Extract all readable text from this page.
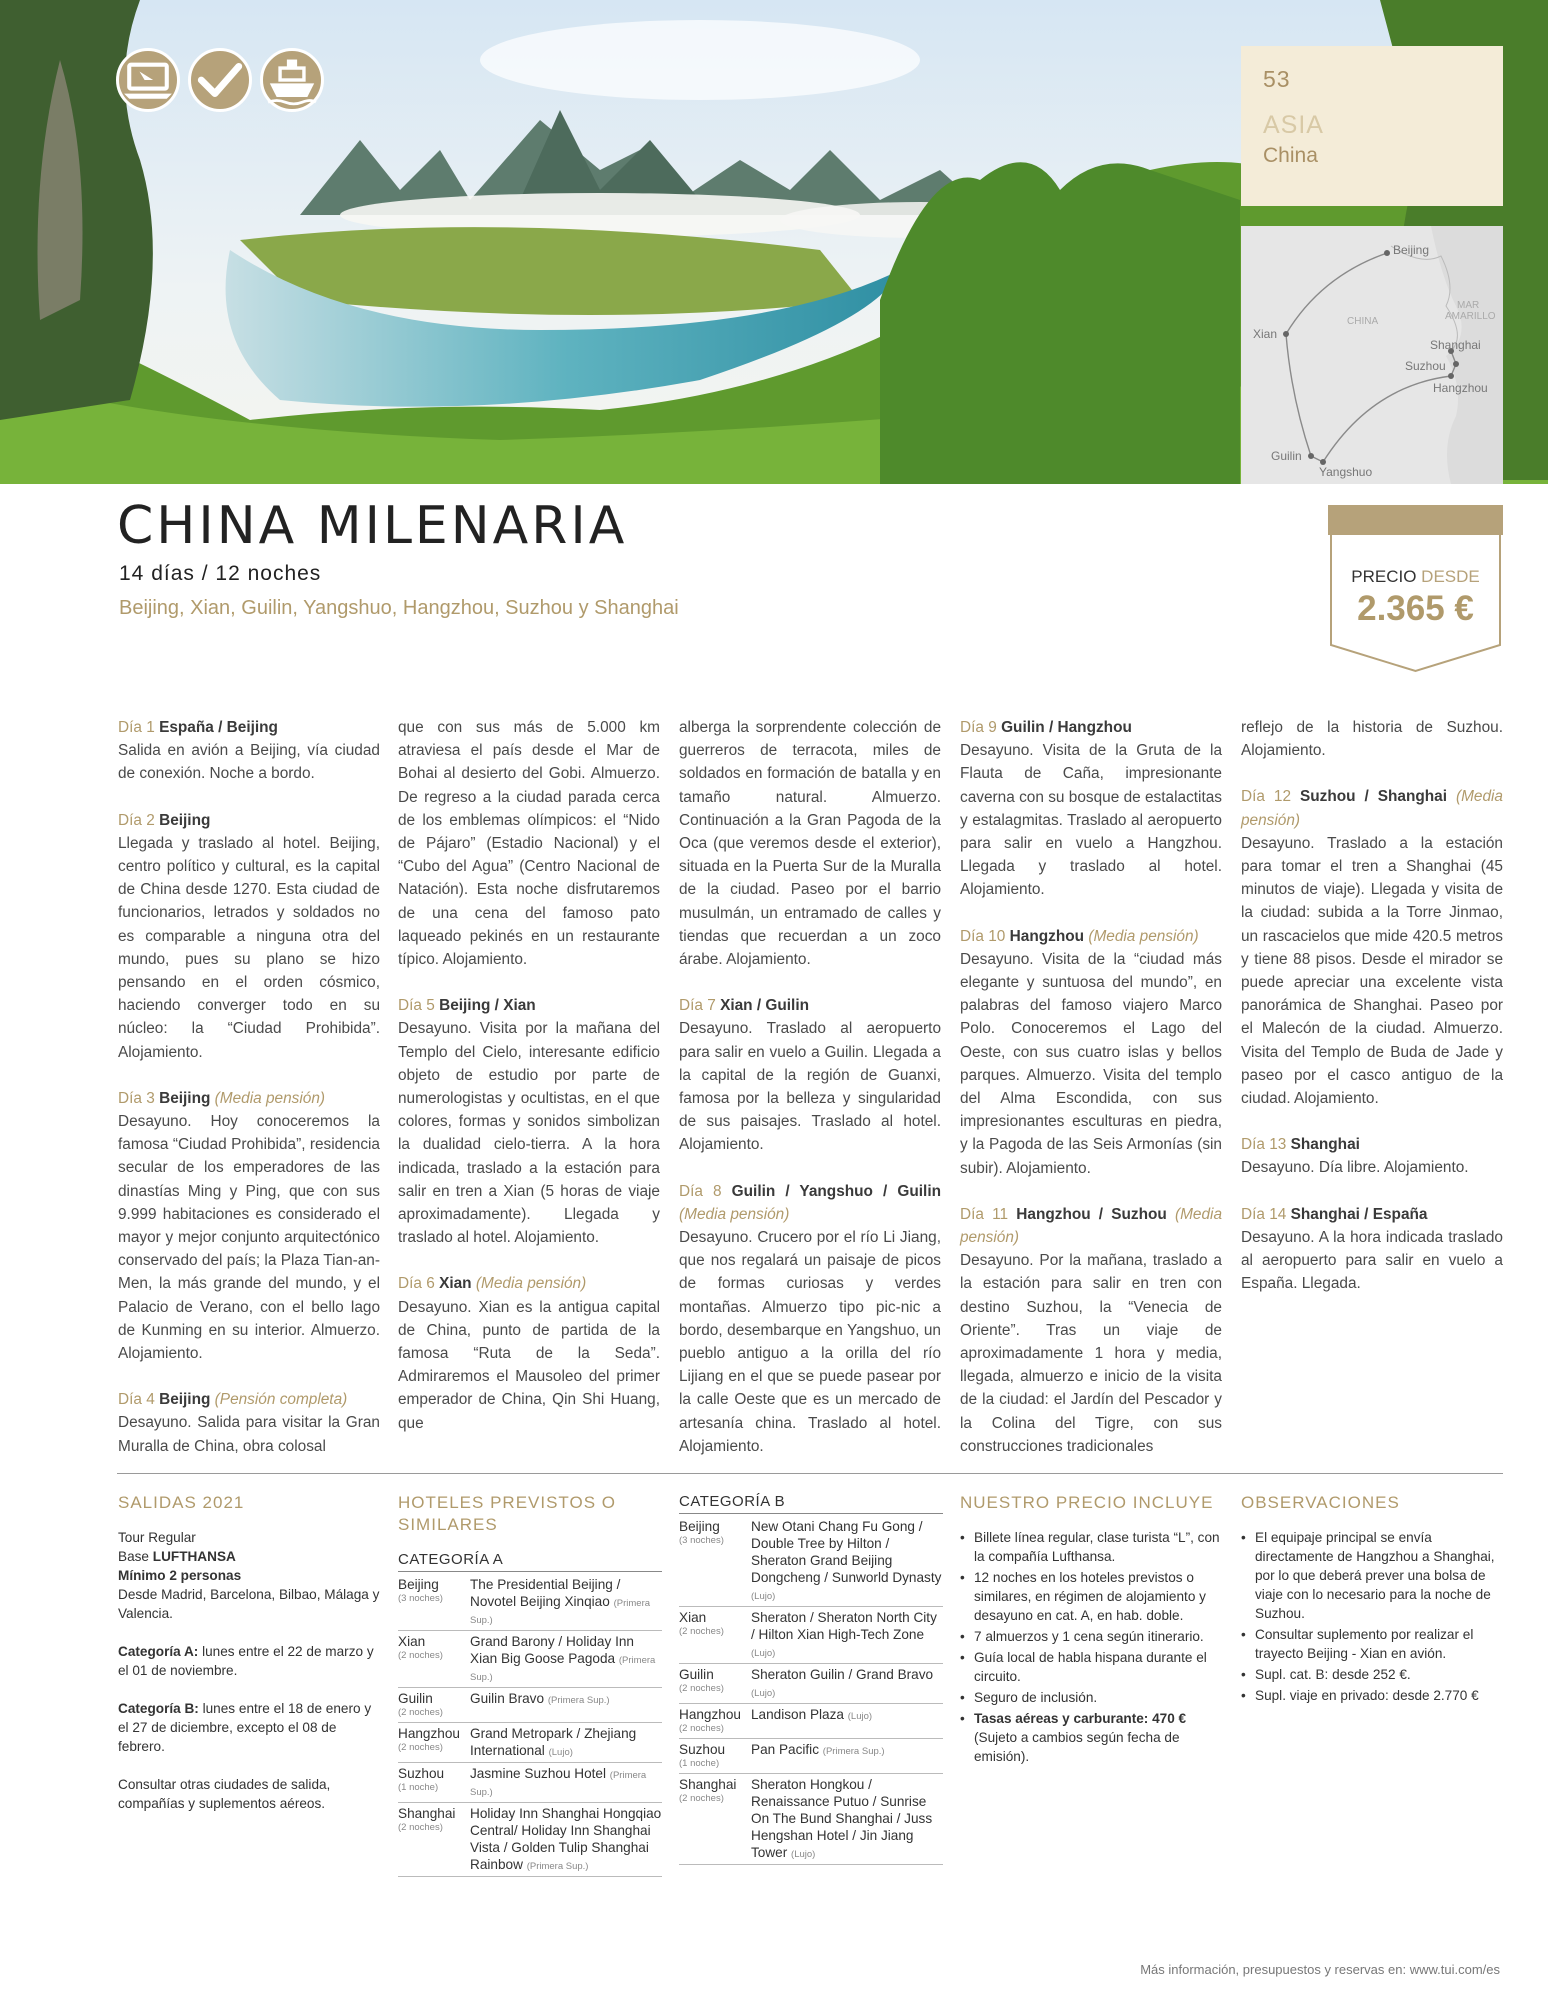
53
ASIA
China
Beijing
Xian
Shanghai
Suzhou
Hangzhou
Guilin
Yangshuo
CHINA
MAR
AMARILLO
CHINA MILENARIA
14 días / 12 noches
Beijing, Xian, Guilin, Yangshuo, Hangzhou, Suzhou y Shanghai
PRECIO DESDE
2.365 €
Día 1 España / Beijing
Salida en avión a Beijing, vía ciudad de conexión. Noche a bordo.
Día 2 Beijing
Llegada y traslado al hotel. Beijing, centro político y cultural, es la capital de China desde 1270. Esta ciudad de funcionarios, letrados y soldados no es comparable a ninguna otra del mundo, pues su plano se hizo pensando en el orden cósmico, haciendo converger todo en su núcleo: la “Ciudad Prohibida”. Alojamiento.
Día 3 Beijing (Media pensión)
Desayuno. Hoy conoceremos la famosa “Ciudad Prohibida”, residencia secular de los emperadores de las dinastías Ming y Ping, que con sus 9.999 habitaciones es considerado el mayor y mejor conjunto arquitectónico conservado del país; la Plaza Tian-an-Men, la más grande del mundo, y el Palacio de Verano, con el bello lago de Kunming en su interior. Almuerzo. Alojamiento.
Día 4 Beijing (Pensión completa)
Desayuno. Salida para visitar la Gran Muralla de China, obra colosal
que con sus más de 5.000 km atraviesa el país desde el Mar de Bohai al desierto del Gobi. Almuerzo. De regreso a la ciudad parada cerca de los emblemas olímpicos: el “Nido de Pájaro” (Estadio Nacional) y el “Cubo del Agua” (Centro Nacional de Natación). Esta noche disfrutaremos de una cena del famoso pato laqueado pekinés en un restaurante típico. Alojamiento.
Día 5 Beijing / Xian
Desayuno. Visita por la mañana del Templo del Cielo, interesante edificio objeto de estudio por parte de numerologistas y ocultistas, en el que colores, formas y sonidos simbolizan la dualidad cielo-tierra. A la hora indicada, traslado a la estación para salir en tren a Xian (5 horas de viaje aproximadamente). Llegada y traslado al hotel. Alojamiento.
Día 6 Xian (Media pensión)
Desayuno. Xian es la antigua capital de China, punto de partida de la famosa “Ruta de la Seda”. Admiraremos el Mausoleo del primer emperador de China, Qin Shi Huang, que
alberga la sorprendente colección de guerreros de terracota, miles de soldados en formación de batalla y en tamaño natural. Almuerzo. Continuación a la Gran Pagoda de la Oca (que veremos desde el exterior), situada en la Puerta Sur de la Muralla de la ciudad. Paseo por el barrio musulmán, un entramado de calles y tiendas que recuerdan a un zoco árabe. Alojamiento.
Día 7 Xian / Guilin
Desayuno. Traslado al aeropuerto para salir en vuelo a Guilin. Llegada a la capital de la región de Guanxi, famosa por la belleza y singularidad de sus paisajes. Traslado al hotel. Alojamiento.
Día 8 Guilin / Yangshuo / Guilin (Media pensión)
Desayuno. Crucero por el río Li Jiang, que nos regalará un paisaje de picos de formas curiosas y verdes montañas. Almuerzo tipo pic-nic a bordo, desembarque en Yangshuo, un pueblo antiguo a la orilla del río Lijiang en el que se puede pasear por la calle Oeste que es un mercado de artesanía china. Traslado al hotel. Alojamiento.
Día 9 Guilin / Hangzhou
Desayuno. Visita de la Gruta de la Flauta de Caña, impresionante caverna con su bosque de estalactitas y estalagmitas. Traslado al aeropuerto para salir en vuelo a Hangzhou. Llegada y traslado al hotel. Alojamiento.
Día 10 Hangzhou (Media pensión)
Desayuno. Visita de la “ciudad más elegante y suntuosa del mundo”, en palabras del famoso viajero Marco Polo. Conoceremos el Lago del Oeste, con sus cuatro islas y bellos parques. Almuerzo. Visita del templo del Alma Escondida, con sus impresionantes esculturas en piedra, y la Pagoda de las Seis Armonías (sin subir). Alojamiento.
Día 11 Hangzhou / Suzhou (Media pensión)
Desayuno. Por la mañana, traslado a la estación para salir en tren con destino Suzhou, la “Venecia de Oriente”. Tras un viaje de aproximadamente 1 hora y media, llegada, almuerzo e inicio de la visita de la ciudad: el Jardín del Pescador y la Colina del Tigre, con sus construcciones tradicionales
reflejo de la historia de Suzhou. Alojamiento.
Día 12 Suzhou / Shanghai (Media pensión)
Desayuno. Traslado a la estación para tomar el tren a Shanghai (45 minutos de viaje). Llegada y visita de la ciudad: subida a la Torre Jinmao, un rascacielos que mide 420.5 metros y tiene 88 pisos. Desde el mirador se puede apreciar una excelente vista panorámica de Shanghai. Paseo por el Malecón de la ciudad. Almuerzo. Visita del Templo de Buda de Jade y paseo por el casco antiguo de la ciudad. Alojamiento.
Día 13 Shanghai
Desayuno. Día libre. Alojamiento.
Día 14 Shanghai / España
Desayuno. A la hora indicada traslado al aeropuerto para salir en vuelo a España. Llegada.
SALIDAS 2021
Tour Regular
Base LUFTHANSA
Mínimo 2 personas

Desde Madrid, Barcelona, Bilbao, Málaga y Valencia.

Categoría A: lunes entre el 22 de marzo y el 01 de noviembre.

Categoría B: lunes entre el 18 de enero y el 27 de diciembre, excepto el 08 de febrero.

Consultar otras ciudades de salida, compañías y suplementos aéreos.

HOTELES PREVISTOS O SIMILARES
CATEGORÍA A
Beijing
(3 noches)
The Presidential Beijing / Novotel Beijing Xinqiao (Primera Sup.)
Xian
(2 noches)
Grand Barony / Holiday Inn Xian Big Goose Pagoda (Primera Sup.)
Guilin
(2 noches)
Guilin Bravo (Primera Sup.)
Hangzhou
(2 noches)
Grand Metropark / Zhejiang International (Lujo)
Suzhou
(1 noche)
Jasmine Suzhou Hotel (Primera Sup.)
Shanghai
(2 noches)
Holiday Inn Shanghai Hongqiao Central/ Holiday Inn Shanghai Vista / Golden Tulip Shanghai Rainbow (Primera Sup.)
CATEGORÍA B
Beijing
(3 noches)
New Otani Chang Fu Gong / Double Tree by Hilton / Sheraton Grand Beijing Dongcheng / Sunworld Dynasty (Lujo)
Xian
(2 noches)
Sheraton / Sheraton North City / Hilton Xian High-Tech Zone (Lujo)
Guilin
(2 noches)
Sheraton Guilin / Grand Bravo (Lujo)
Hangzhou
(2 noches)
Landison Plaza (Lujo)
Suzhou
(1 noche)
Pan Pacific (Primera Sup.)
Shanghai
(2 noches)
Sheraton Hongkou / Renaissance Putuo / Sunrise On The Bund Shanghai / Juss Hengshan Hotel / Jin Jiang Tower (Lujo)
NUESTRO PRECIO INCLUYE
• Billete línea regular, clase turista “L”, con la compañía Lufthansa.
• 12 noches en los hoteles previstos o similares, en régimen de alojamiento y desayuno en cat. A, en hab. doble.
• 7 almuerzos y 1 cena según itinerario.
• Guía local de habla hispana durante el circuito.
• Seguro de inclusión.
• Tasas aéreas y carburante: 470 €
(Sujeto a cambios según fecha de emisión).
OBSERVACIONES
• El equipaje principal se envía directamente de Hangzhou a Shanghai, por lo que deberá prever una bolsa de viaje con lo necesario para la noche de Suzhou.
• Consultar suplemento por realizar el trayecto Beijing - Xian en avión.
• Supl. cat. B: desde 252 €.
• Supl. viaje en privado: desde 2.770 €
Más información, presupuestos y reservas en: www.tui.com/es
